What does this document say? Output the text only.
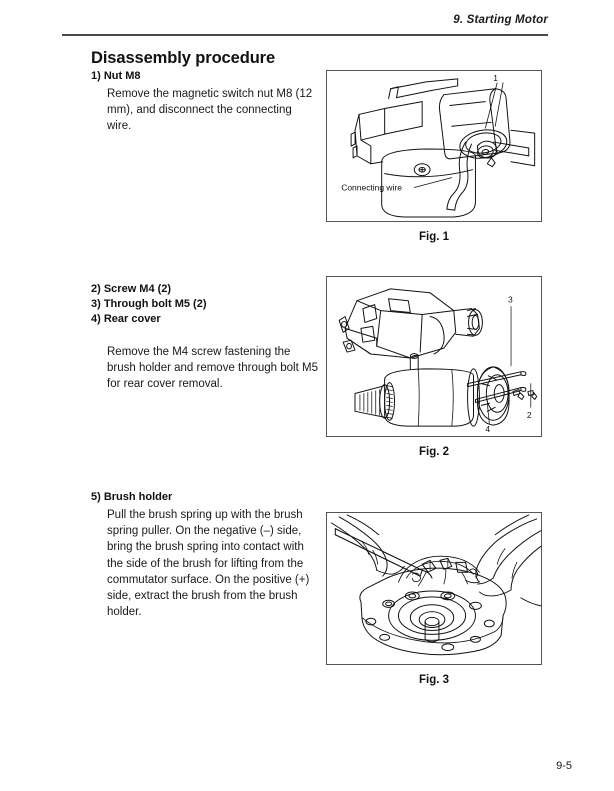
9. Starting Motor
Disassembly procedure
1) Nut M8
Remove the magnetic switch nut M8 (12 mm), and disconnect the connecting wire.
2) Screw M4 (2)
3) Through bolt M5 (2)
4) Rear cover
Remove the M4 screw fastening the brush holder and remove through bolt M5 for rear cover removal.
5) Brush holder
Pull the brush spring up with the brush spring puller. On the negative (–) side, bring the brush spring into contact with the side of the brush for lifting from the commutator surface. On the positive (+) side, extract the brush from the brush holder.
1
Connecting wire
Fig. 1
3
2
4
Fig. 2
Fig. 3
9-5
